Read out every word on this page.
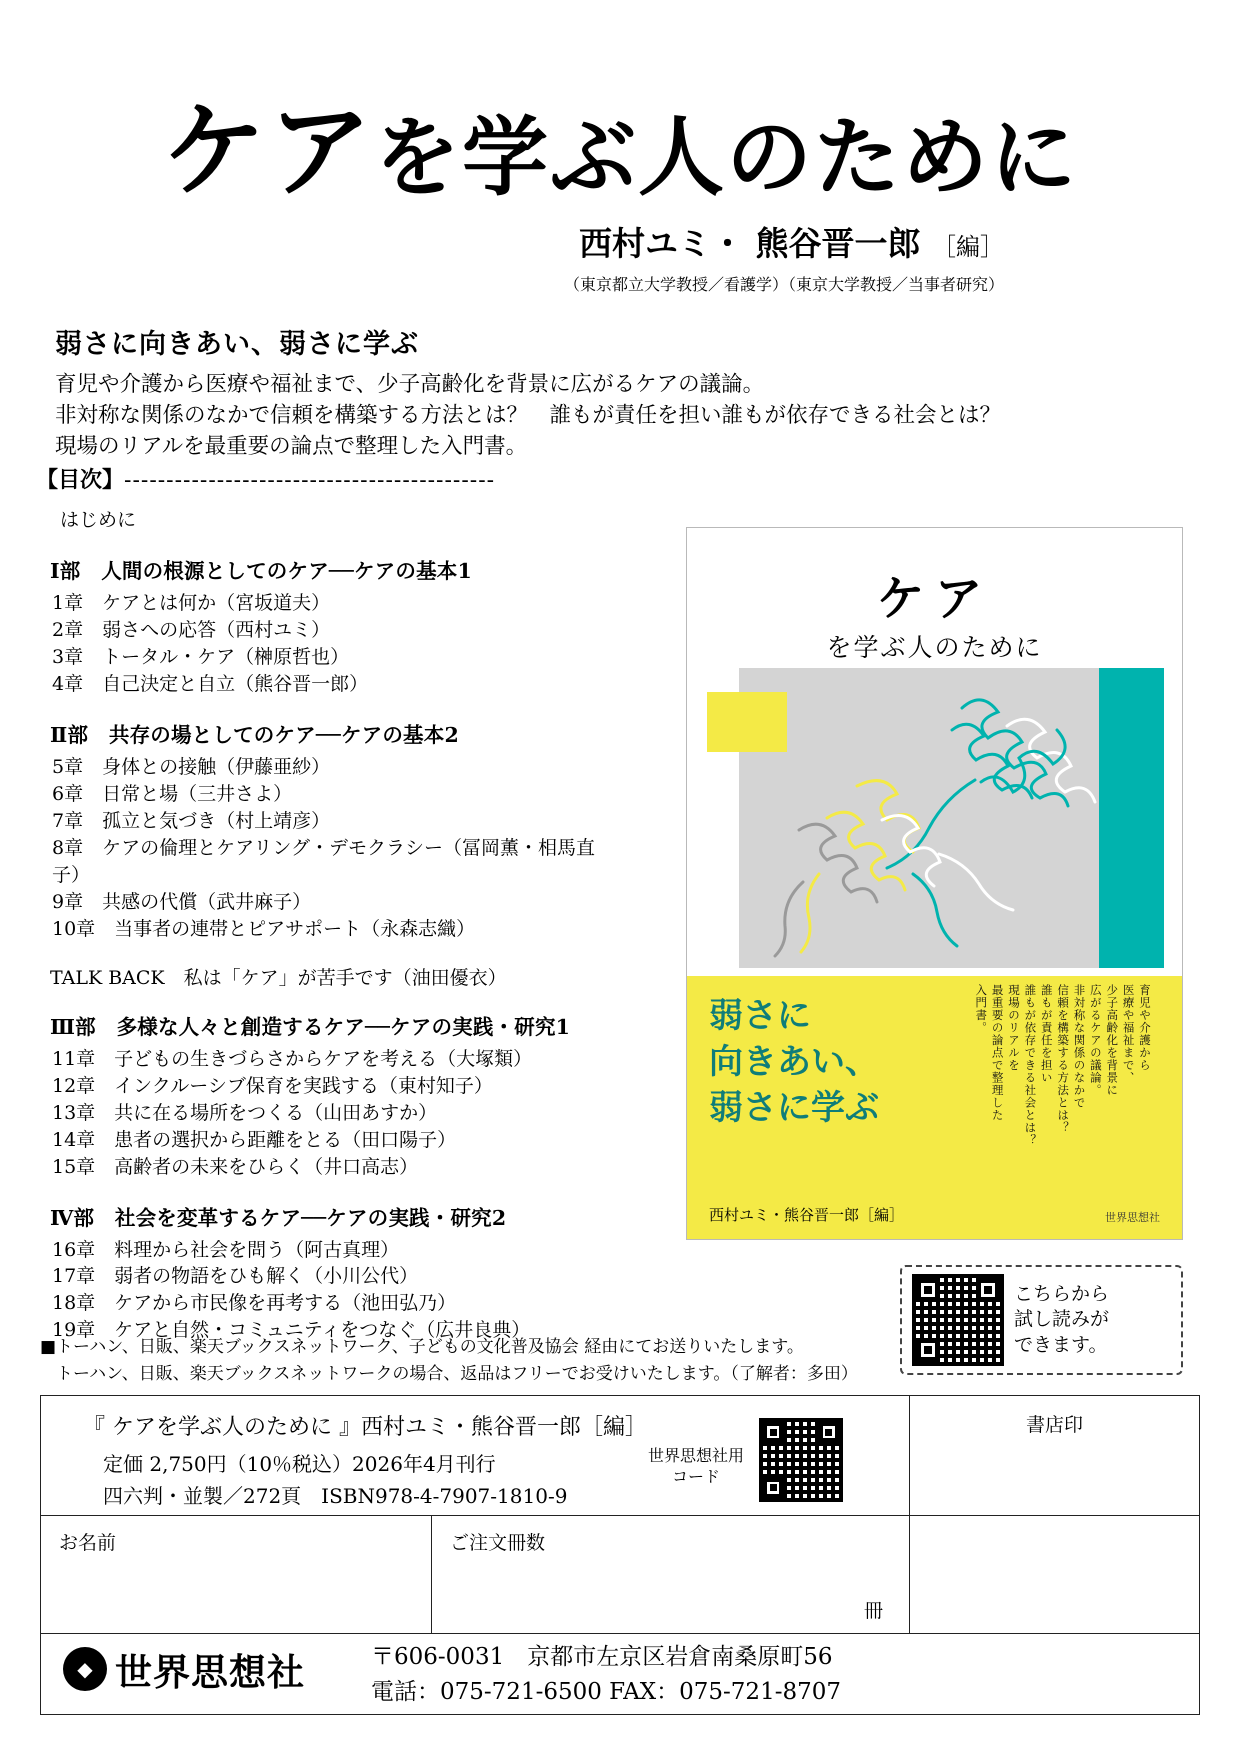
ケアを学ぶ人のために
西村ユミ・ 熊谷晋一郎 ［編］
（東京都立大学教授／看護学）（東京大学教授／当事者研究）
弱さに向きあい、弱さに学ぶ

育児や介護から医療や福祉まで、少子高齢化を背景に広がるケアの議論。

非対称な関係のなかで信頼を構築する方法とは？　誰もが責任を担い誰もが依存できる社会とは？

現場のリアルを最重要の論点で整理した入門書。

【目次】--------------------------------------------

はじめに

Ⅰ部　人間の根源としてのケア──ケアの基本1
1章　ケアとは何か（宮坂道夫）
2章　弱さへの応答（西村ユミ）
3章　トータル・ケア（榊原哲也）
4章　自己決定と自立（熊谷晋一郎）
Ⅱ部　共存の場としてのケア──ケアの基本2
5章　身体との接触（伊藤亜紗）
6章　日常と場（三井さよ）
7章　孤立と気づき（村上靖彦）
8章　ケアの倫理とケアリング・デモクラシー（冨岡薫・相馬直子）
9章　共感の代償（武井麻子）
10章　当事者の連帯とピアサポート（永森志織）

TALK BACK　私は「ケア」が苦手です（油田優衣）

Ⅲ部　多様な人々と創造するケア──ケアの実践・研究1
11章　子どもの生きづらさからケアを考える（大塚類）
12章　インクルーシブ保育を実践する（東村知子）
13章　共に在る場所をつくる（山田あすか）
14章　患者の選択から距離をとる（田口陽子）
15章　高齢者の未来をひらく（井口高志）
Ⅳ部　社会を変革するケア──ケアの実践・研究2
16章　料理から社会を問う（阿古真理）
17章　弱者の物語をひも解く（小川公代）
18章　ケアから市民像を再考する（池田弘乃）
19章　ケアと自然・コミュニティをつなぐ（広井良典）
ケア
を学ぶ人のために
弱さに
向きあい、
弱さに学ぶ
育児や介護から
医療や福祉まで、
少子高齢化を背景に
広がるケアの議論。
非対称な関係のなかで
信頼を構築する方法とは？
誰もが責任を担い
誰もが依存できる社会とは？
現場のリアルを
最重要の論点で整理した
入門書。
西村ユミ・熊谷晋一郎［編］	世界思想社
こちらから
試し読みが
できます。
■トーハン、日販、楽天ブックスネットワーク、子どもの文化普及協会 経由にてお送りいたします。
トーハン、日販、楽天ブックスネットワークの場合、返品はフリーでお受けいたします。（了解者：多田）
書店印
『 ケアを学ぶ人のために 』西村ユミ・熊谷晋一郎［編］
定価 2,750円（10％税込）2026年4月刊行
四六判・並製／272頁　ISBN978-4-7907-1810-9
世界思想社用
コード
お名前	ご注文冊数
冊
◆
世界思想社	〒606-0031　京都市左京区岩倉南桑原町56
電話：075-721-6500 FAX：075-721-8707
